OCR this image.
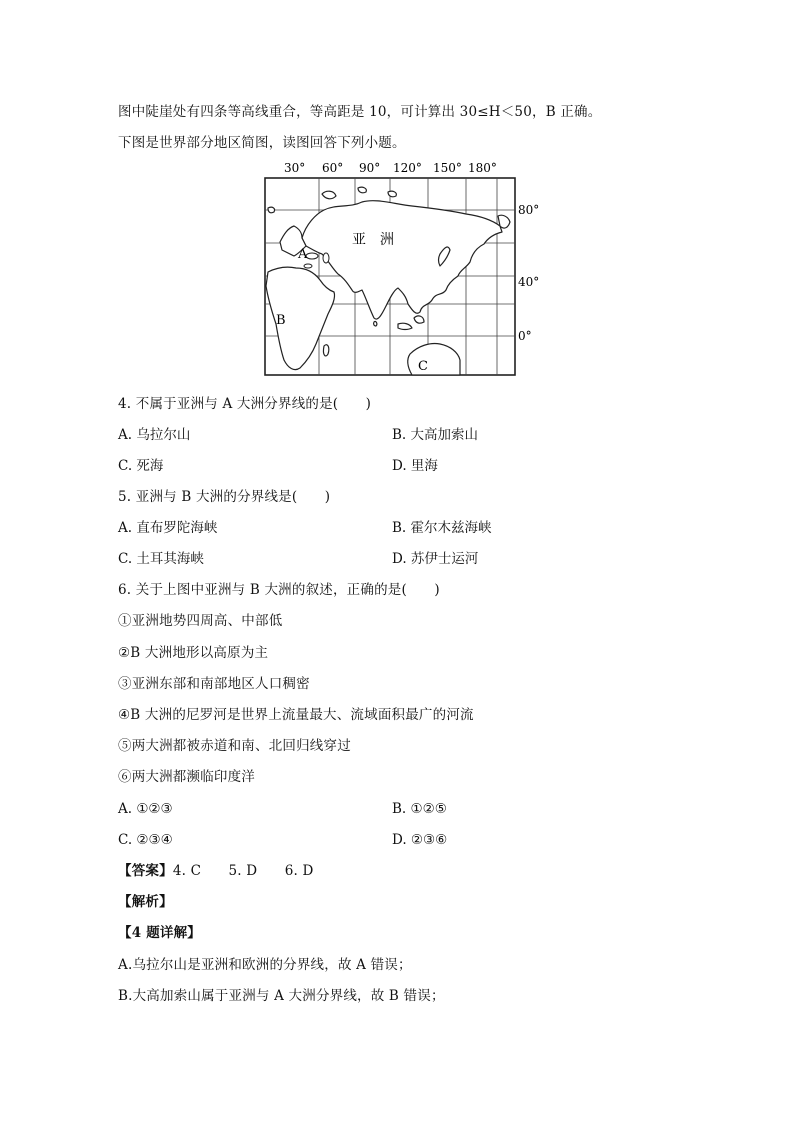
图中陡崖处有四条等高线重合，等高距是 10，可计算出 30≤H＜50，B 正确。
下图是世界部分地区简图，读图回答下列小题。
30° 60° 90° 120° 150° 180°
亚　洲
A
B
C
80°
40°
0°
4. 不属于亚洲与 A 大洲分界线的是(　　)
A. 乌拉尔山	B. 大高加索山
C. 死海	D. 里海
5. 亚洲与 B 大洲的分界线是(　　)
A. 直布罗陀海峡	B. 霍尔木兹海峡
C. 土耳其海峡	D. 苏伊士运河
6. 关于上图中亚洲与 B 大洲的叙述，正确的是(　　)
①亚洲地势四周高、中部低
②B 大洲地形以高原为主
③亚洲东部和南部地区人口稠密
④B 大洲的尼罗河是世界上流量最大、流域面积最广的河流
⑤两大洲都被赤道和南、北回归线穿过
⑥两大洲都濒临印度洋
A. ①②③	B. ①②⑤
C. ②③④	D. ②③⑥
【答案】4. C　　5. D　　6. D
【解析】
【4 题详解】
A.乌拉尔山是亚洲和欧洲的分界线，故 A 错误；
B.大高加索山属于亚洲与 A 大洲分界线，故 B 错误；
